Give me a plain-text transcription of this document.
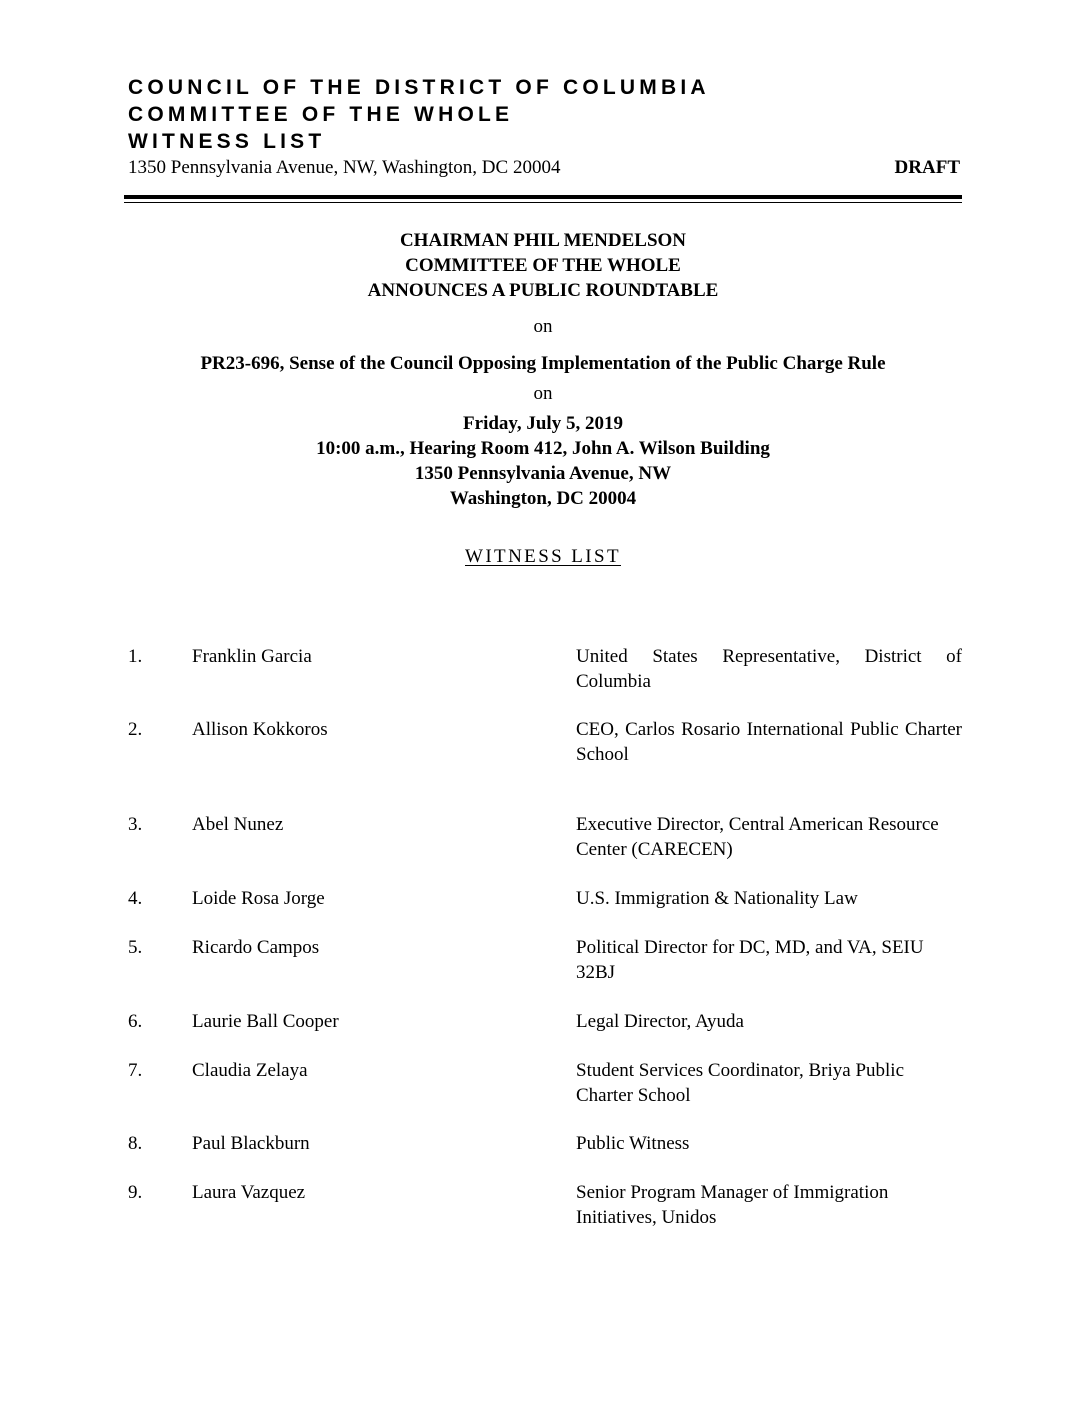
COUNCIL OF THE DISTRICT OF COLUMBIA
COMMITTEE OF THE WHOLE
WITNESS LIST
1350 Pennsylvania Avenue, NW, Washington, DC 20004	DRAFT
CHAIRMAN PHIL MENDELSON
COMMITTEE OF THE WHOLE
ANNOUNCES A PUBLIC ROUNDTABLE
on
PR23-696, Sense of the Council Opposing Implementation of the Public Charge Rule
on
Friday, July 5, 2019
10:00 a.m., Hearing Room 412, John A. Wilson Building
1350 Pennsylvania Avenue, NW
Washington, DC 20004
WITNESS LIST
1.	Franklin Garcia	United States Representative, District of Columbia
2.	Allison Kokkoros	CEO, Carlos Rosario International Public Charter School
3.	Abel Nunez	Executive Director, Central American Resource Center (CARECEN)
4.	Loide Rosa Jorge	U.S. Immigration & Nationality Law
5.	Ricardo Campos	Political Director for DC, MD, and VA, SEIU 32BJ
6.	Laurie Ball Cooper	Legal Director, Ayuda
7.	Claudia Zelaya	Student Services Coordinator, Briya Public Charter School
8.	Paul Blackburn	Public Witness
9.	Laura Vazquez	Senior Program Manager of Immigration Initiatives, Unidos
